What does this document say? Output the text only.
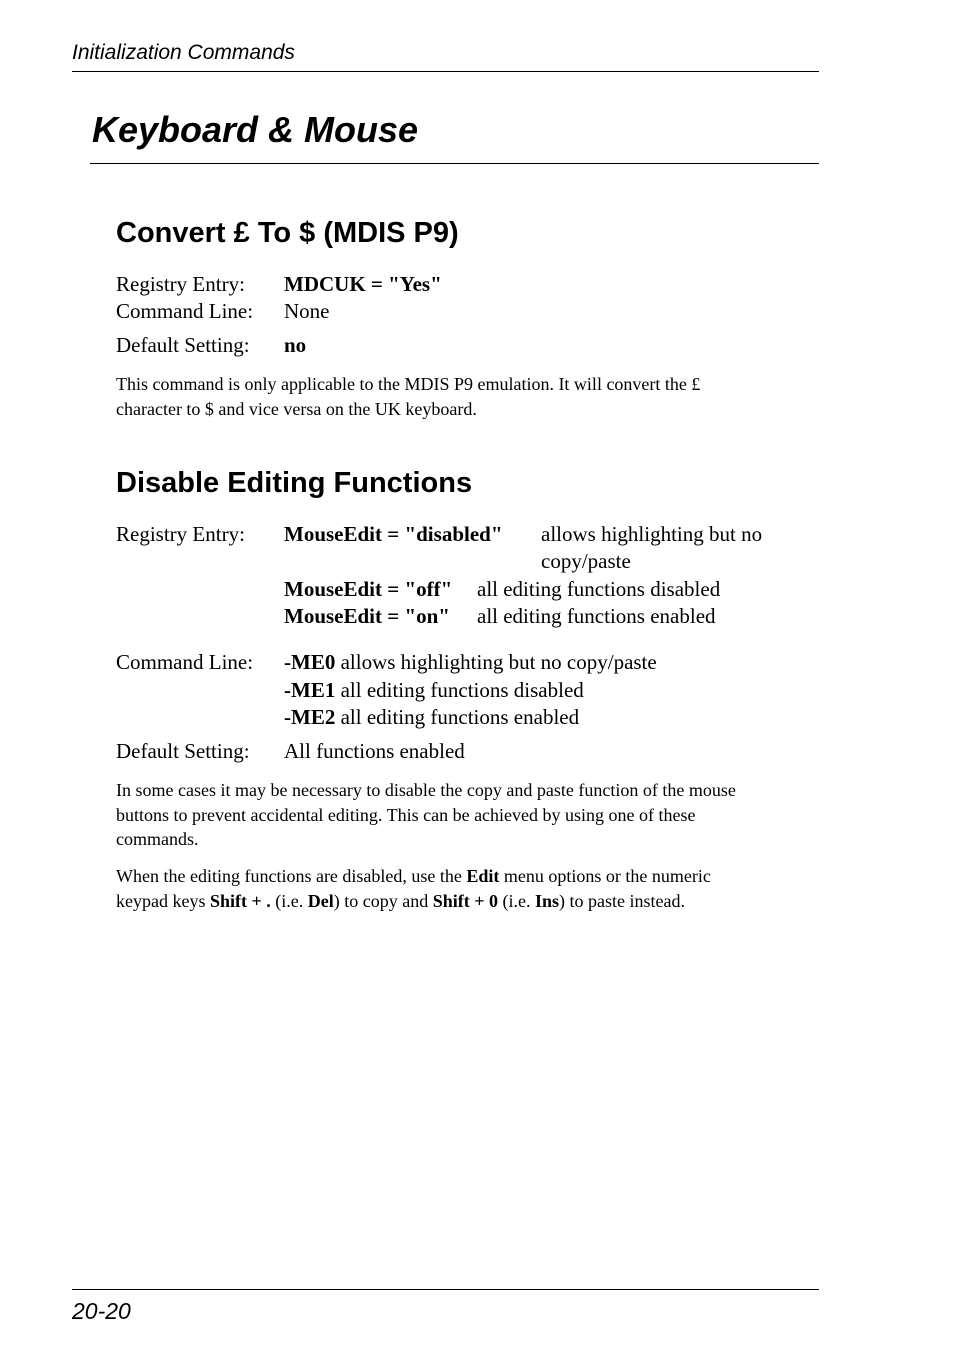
Initialization Commands
Keyboard & Mouse
Convert £ To $ (MDIS P9)
Registry Entry: MDCUK = "Yes"
Command Line: None
Default Setting: no
This command is only applicable to the MDIS P9 emulation. It will convert the £
character to $ and vice versa on the UK keyboard.
Disable Editing Functions
Registry Entry: MouseEdit = "disabled" allows highlighting but no
copy/paste
MouseEdit = "off" all editing functions disabled
MouseEdit = "on" all editing functions enabled
Command Line: -ME0 allows highlighting but no copy/paste
-ME1 all editing functions disabled
-ME2 all editing functions enabled
Default Setting: All functions enabled
In some cases it may be necessary to disable the copy and paste function of the mouse
buttons to prevent accidental editing. This can be achieved by using one of these
commands.
When the editing functions are disabled, use the Edit menu options or the numeric
keypad keys Shift + . (i.e. Del) to copy and Shift + 0 (i.e. Ins) to paste instead.
20-20
